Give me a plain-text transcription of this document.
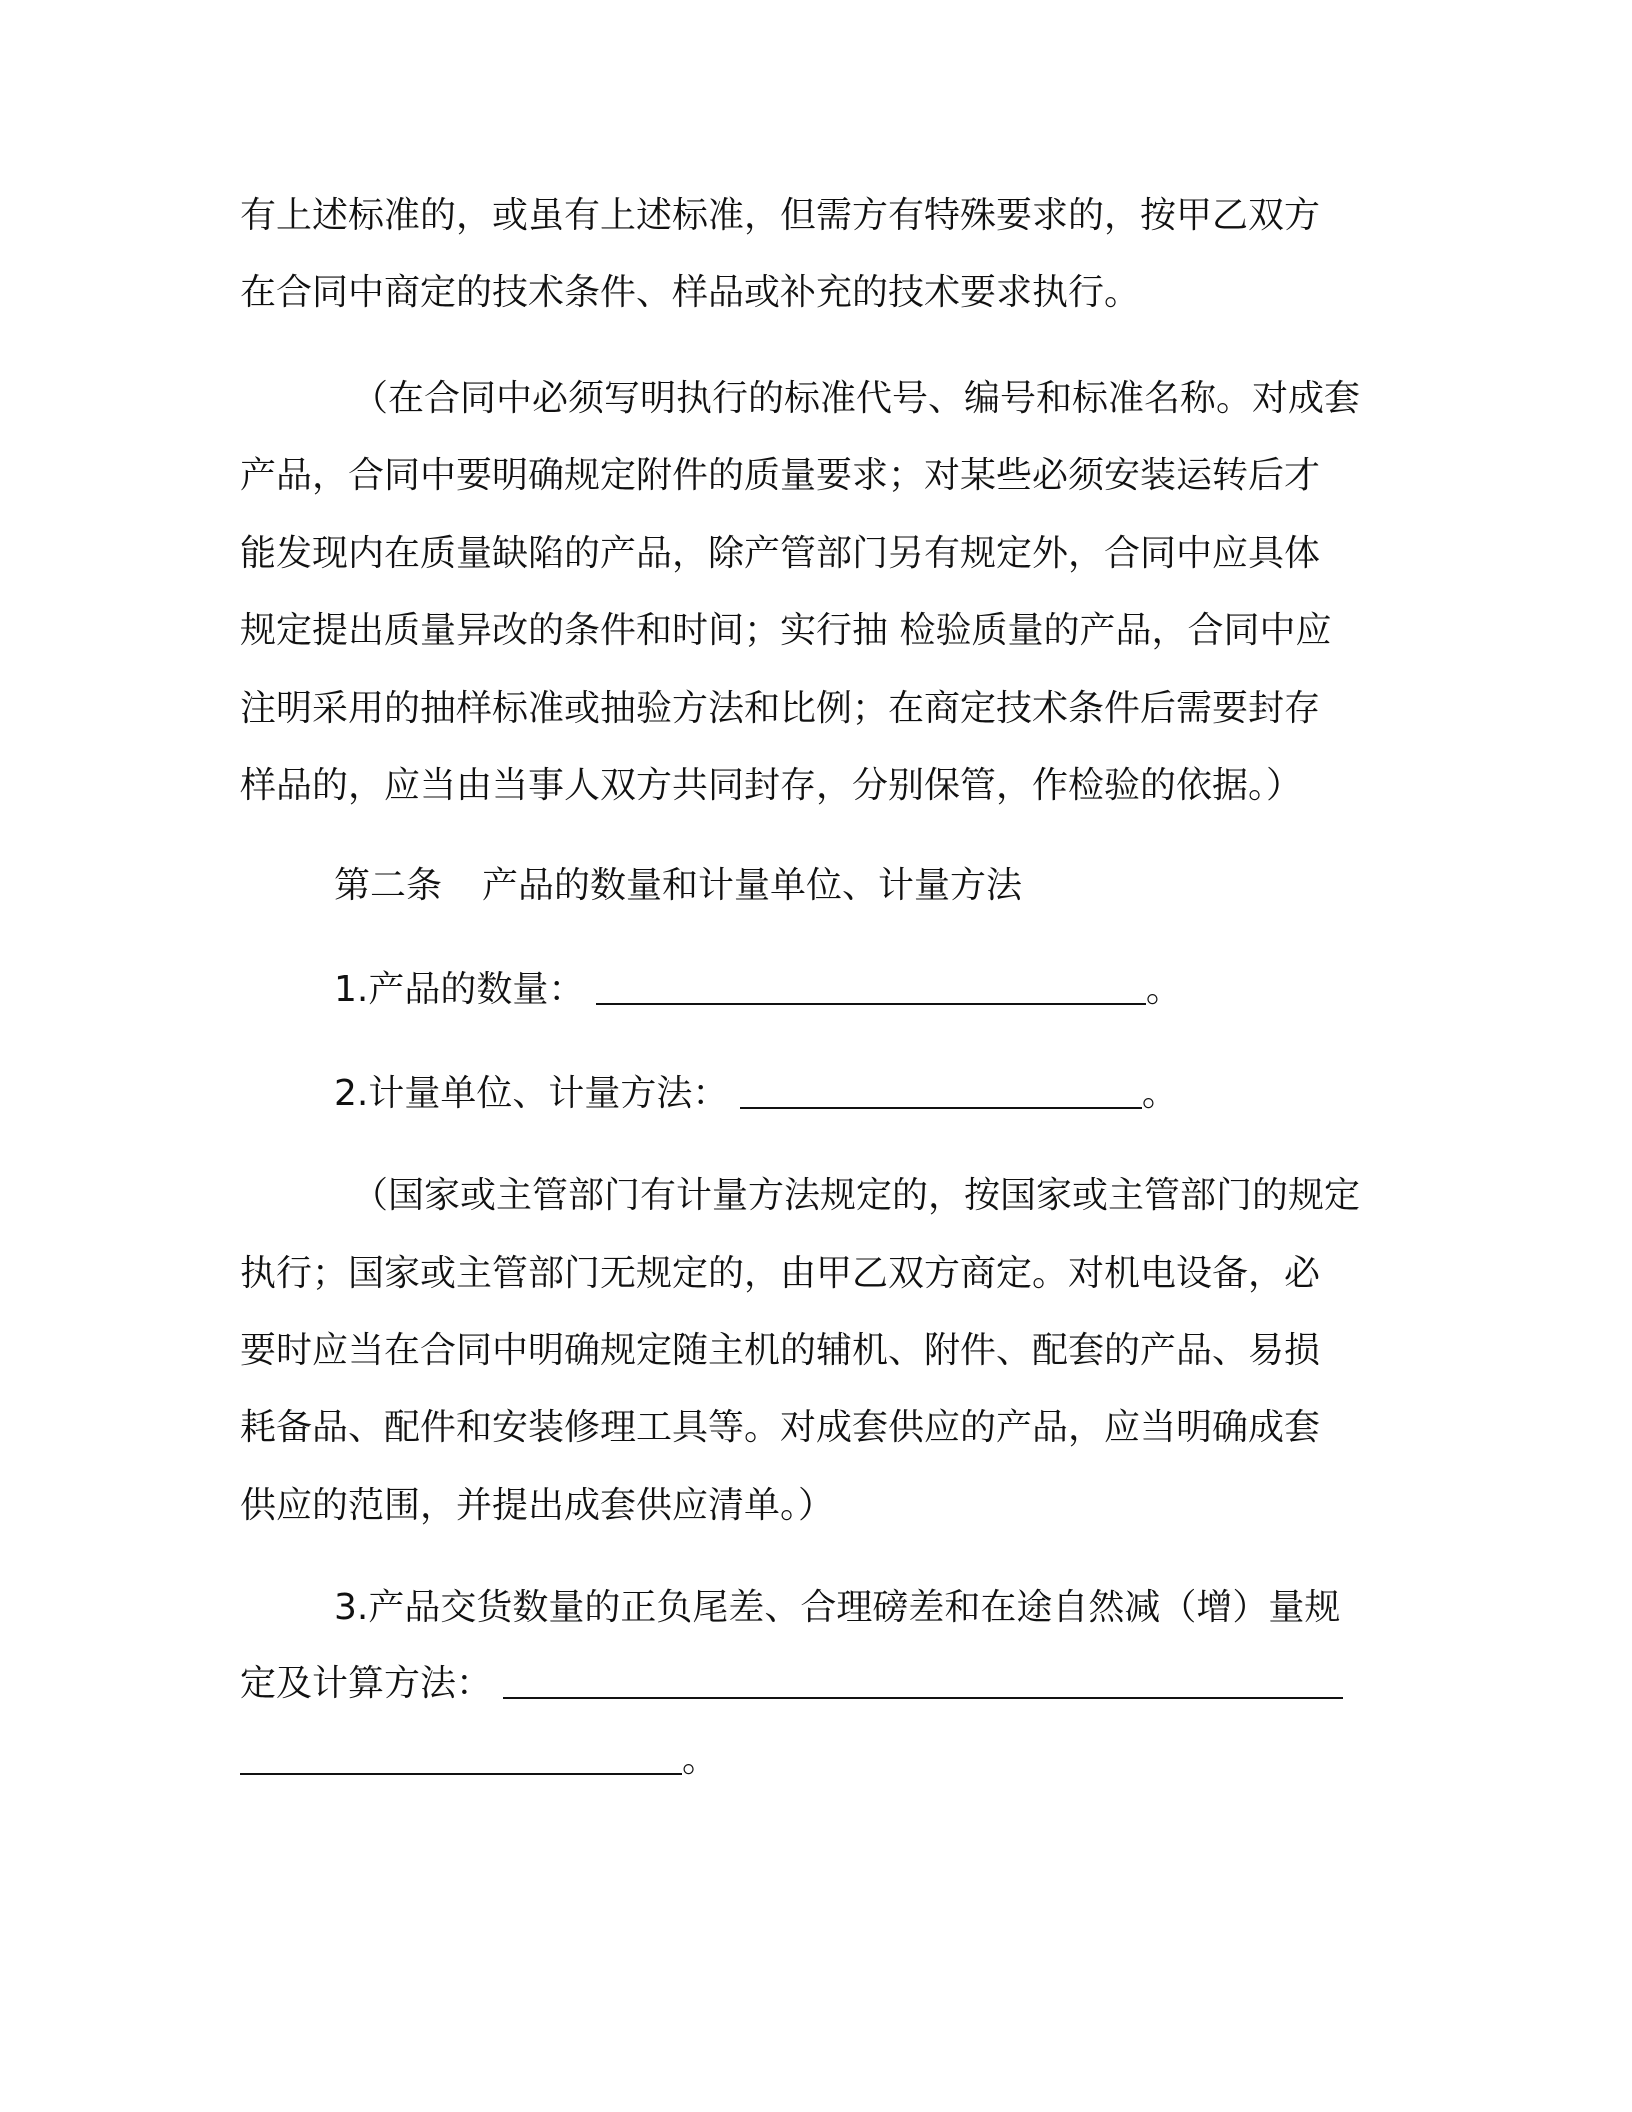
有上述标准的，或虽有上述标准，但需方有特殊要求的，按甲乙双方
在合同中商定的技术条件、样品或补充的技术要求执行。
（在合同中必须写明执行的标准代号、编号和标准名称。对成套
产品，合同中要明确规定附件的质量要求；对某些必须安装运转后才
能发现内在质量缺陷的产品，除产管部门另有规定外，合同中应具体
规定提出质量异改的条件和时间；实行抽 检验质量的产品，合同中应
注明采用的抽样标准或抽验方法和比例；在商定技术条件后需要封存
样品的，应当由当事人双方共同封存，分别保管，作检验的依据。）
第二条 产品的数量和计量单位、计量方法
1.产品的数量：	。
2.计量单位、计量方法：	。
（国家或主管部门有计量方法规定的，按国家或主管部门的规定
执行；国家或主管部门无规定的，由甲乙双方商定。对机电设备，必
要时应当在合同中明确规定随主机的辅机、附件、配套的产品、易损
耗备品、配件和安装修理工具等。对成套供应的产品，应当明确成套
供应的范围，并提出成套供应清单。）
3.产品交货数量的正负尾差、合理磅差和在途自然减（增）量规
定及计算方法：
。
